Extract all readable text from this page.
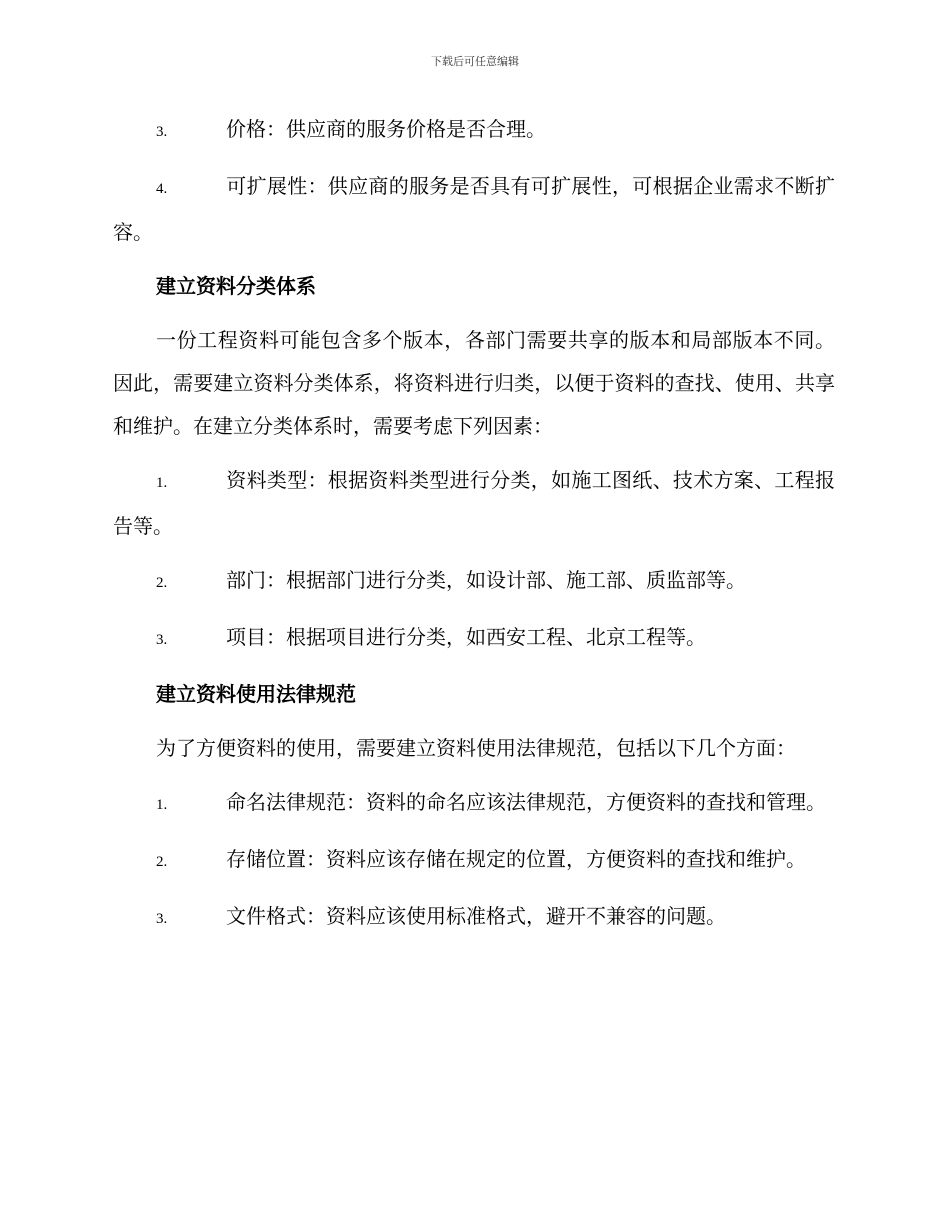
下载后可任意编辑
3.	价格：供应商的服务价格是否合理。
4.	可扩展性：供应商的服务是否具有可扩展性，可根据企业需求不断扩容。
建立资料分类体系
一份工程资料可能包含多个版本，各部门需要共享的版本和局部版本不同。因此，需要建立资料分类体系，将资料进行归类，以便于资料的查找、使用、共享和维护。在建立分类体系时，需要考虑下列因素：
1.	资料类型：根据资料类型进行分类，如施工图纸、技术方案、工程报告等。
2.	部门：根据部门进行分类，如设计部、施工部、质监部等。
3.	项目：根据项目进行分类，如西安工程、北京工程等。
建立资料使用法律规范
为了方便资料的使用，需要建立资料使用法律规范，包括以下几个方面：
1.	命名法律规范：资料的命名应该法律规范，方便资料的查找和管理。
2.	存储位置：资料应该存储在规定的位置，方便资料的查找和维护。
3.	文件格式：资料应该使用标准格式，避开不兼容的问题。
